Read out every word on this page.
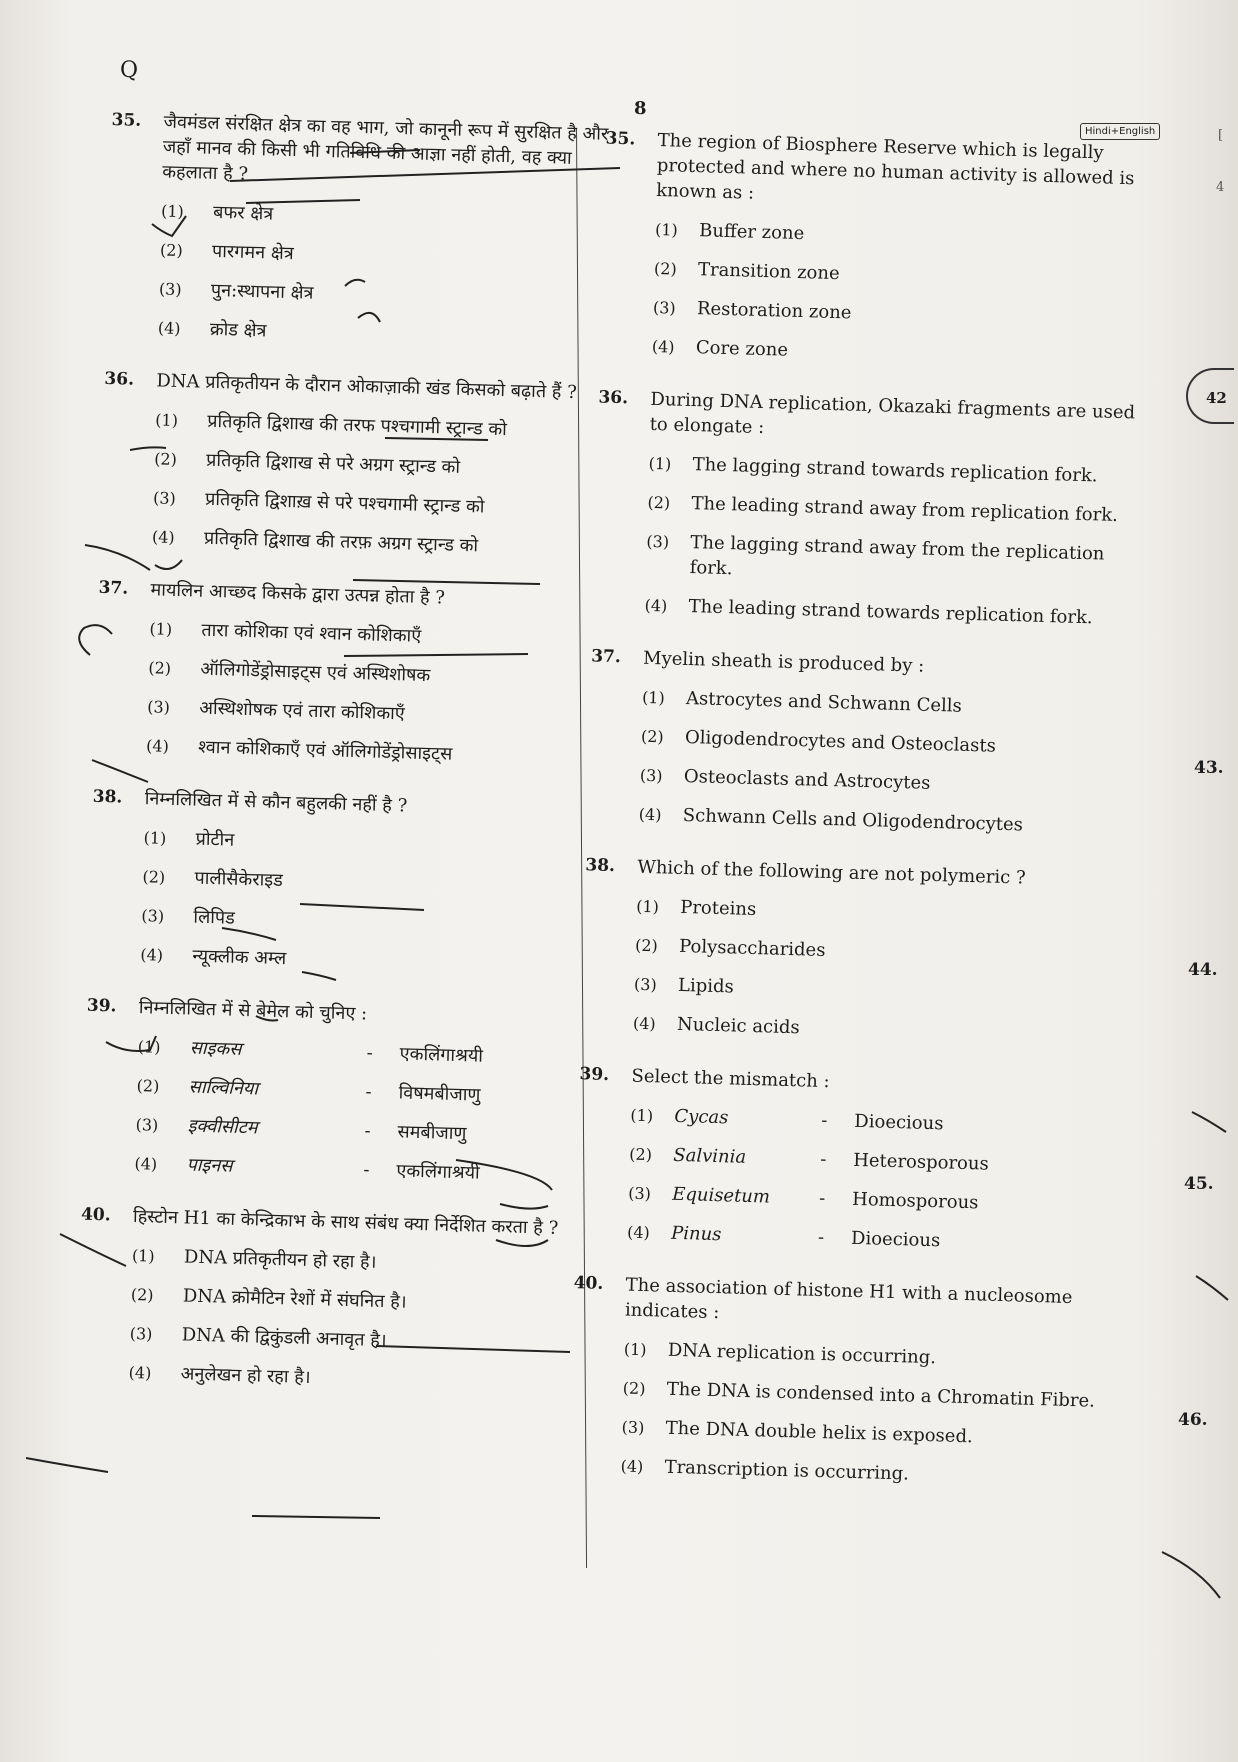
Q
8
Hindi+English
35. जैवमंडल संरक्षित क्षेत्र का वह भाग, जो कानूनी रूप में सुरक्षित है और जहाँ मानव की किसी भी गतिविधि की आज्ञा नहीं होती, वह क्या कहलाता है ?
(1)	बफर क्षेत्र
(2)	पारगमन क्षेत्र
(3)	पुन:स्थापना क्षेत्र
(4)	क्रोड क्षेत्र
36. DNA प्रतिकृतीयन के दौरान ओकाज़ाकी खंड किसको बढ़ाते हैं ?
(1)	प्रतिकृति द्विशाख की तरफ पश्चगामी स्ट्रान्ड को
(2)	प्रतिकृति द्विशाख से परे अग्रग स्ट्रान्ड को
(3)	प्रतिकृति द्विशाख़ से परे पश्चगामी स्ट्रान्ड को
(4)	प्रतिकृति द्विशाख की तरफ़ अग्रग स्ट्रान्ड को
37. मायलिन आच्छद किसके द्वारा उत्पन्न होता है ?
(1)	तारा कोशिका एवं श्वान कोशिकाएँ
(2)	ऑलिगोडेंड्रोसाइट्स एवं अस्थिशोषक
(3)	अस्थिशोषक एवं तारा कोशिकाएँ
(4)	श्वान कोशिकाएँ एवं ऑलिगोडेंड्रोसाइट्स
38. निम्नलिखित में से कौन बहुलकी नहीं है ?
(1)	प्रोटीन
(2)	पालीसैकेराइड
(3)	लिपिड
(4)	न्यूक्लीक अम्ल
39. निम्नलिखित में से बेमेल को चुनिए :
(1)	साइकस	-	एकलिंगाश्रयी
(2)	साल्विनिया	-	विषमबीजाणु
(3)	इक्वीसीटम	-	समबीजाणु
(4)	पाइनस	-	एकलिंगाश्रयी
40. हिस्टोन H1 का केन्द्रिकाभ के साथ संबंध क्या निर्देशित करता है ?
(1)	DNA प्रतिकृतीयन हो रहा है।
(2)	DNA क्रोमैटिन रेशों में संघनित है।
(3)	DNA की द्विकुंडली अनावृत है।
(4)	अनुलेखन हो रहा है।
35. The region of Biosphere Reserve which is legally protected and where no human activity is allowed is known as :
(1)	Buffer zone
(2)	Transition zone
(3)	Restoration zone
(4)	Core zone
36. During DNA replication, Okazaki fragments are used to elongate :
(1)	The lagging strand towards replication fork.
(2)	The leading strand away from replication fork.
(3)	The lagging strand away from the replication fork.
(4)	The leading strand towards replication fork.
37. Myelin sheath is produced by :
(1)	Astrocytes and Schwann Cells
(2)	Oligodendrocytes and Osteoclasts
(3)	Osteoclasts and Astrocytes
(4)	Schwann Cells and Oligodendrocytes
38. Which of the following are not polymeric ?
(1)	Proteins
(2)	Polysaccharides
(3)	Lipids
(4)	Nucleic acids
39. Select the mismatch :
(1)	Cycas	-	Dioecious
(2)	Salvinia	-	Heterosporous
(3)	Equisetum	-	Homosporous
(4)	Pinus	-	Dioecious
40. The association of histone H1 with a nucleosome indicates :
(1)	DNA replication is occurring.
(2)	The DNA is condensed into a Chromatin Fibre.
(3)	The DNA double helix is exposed.
(4)	Transcription is occurring.
[
4
42
43.
44.
45.
46.
